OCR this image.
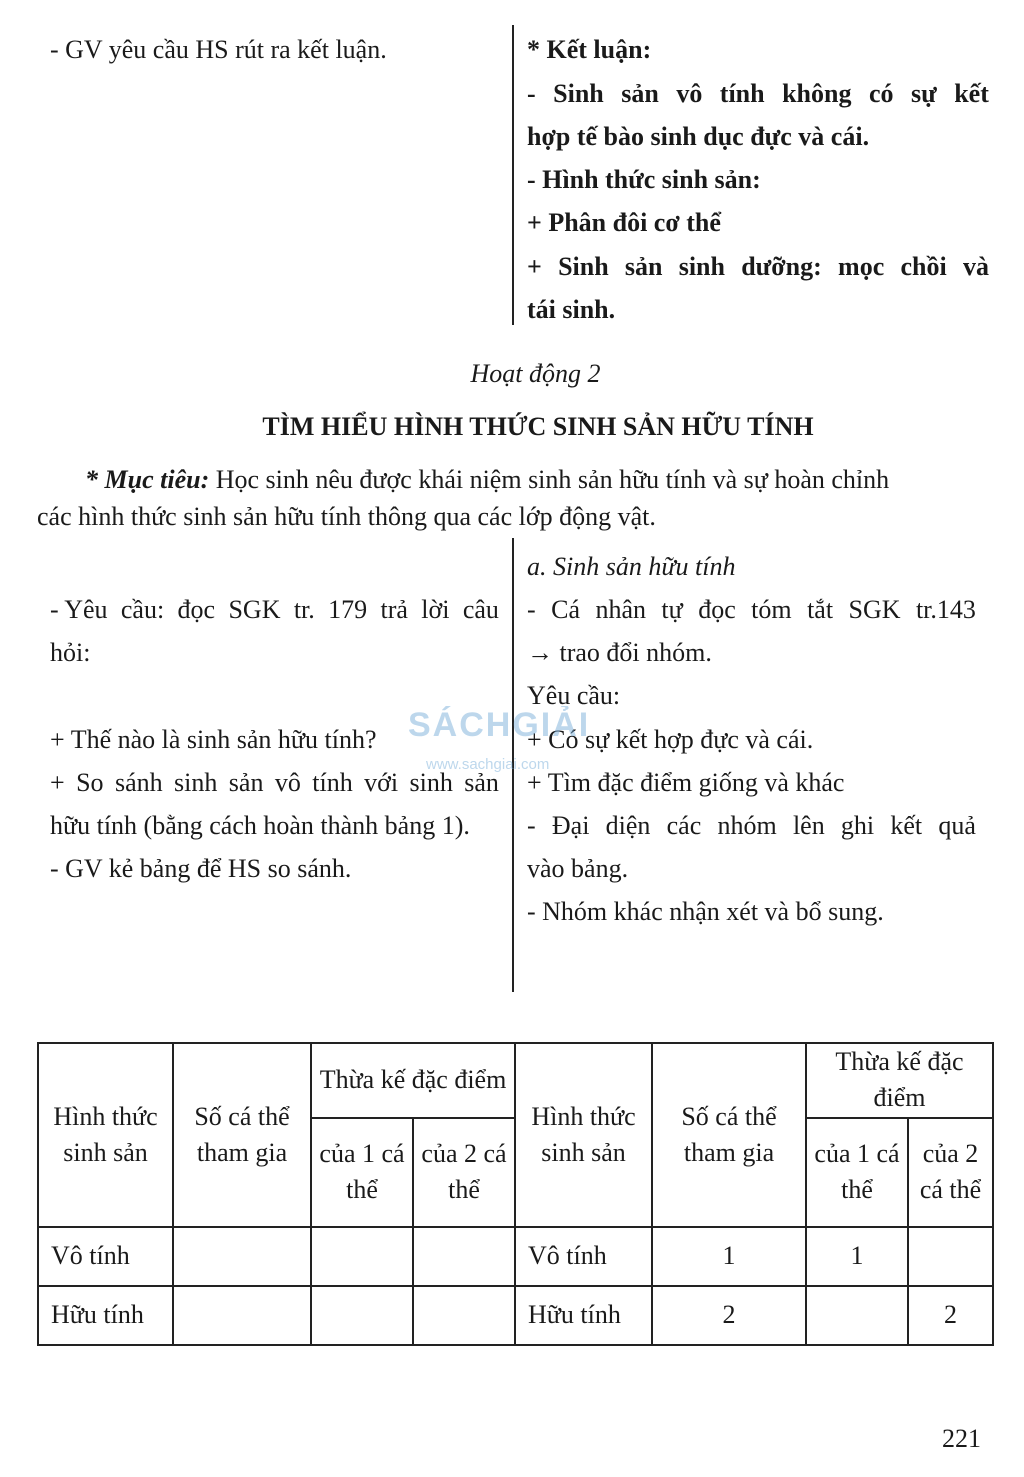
- GV yêu cầu HS rút ra kết luận.	* Kết luận:
- Sinh sản vô tính không có sự kết
hợp tế bào sinh dục đực và cái.
- Hình thức sinh sản:
+ Phân đôi cơ thể
+ Sinh sản sinh dưỡng: mọc chồi và
tái sinh.
Hoạt động 2
TÌM HIỂU HÌNH THỨC SINH SẢN HỮU TÍNH
* Mục tiêu: Học sinh nêu được khái niệm sinh sản hữu tính và sự hoàn chỉnh
các hình thức sinh sản hữu tính thông qua các lớp động vật.
- Yêu cầu: đọc SGK tr. 179 trả lời câu
hỏi:
+ Thế nào là sinh sản hữu tính?
+ So sánh sinh sản vô tính với sinh sản
hữu tính (bằng cách hoàn thành bảng 1).
- GV kẻ bảng để HS so sánh.
a. Sinh sản hữu tính
- Cá nhân tự đọc tóm tắt SGK tr.143
→ trao đổi nhóm.
Yêu cầu:
+ Có sự kết hợp đực và cái.
+ Tìm đặc điểm giống và khác
- Đại diện các nhóm lên ghi kết quả
vào bảng.
- Nhóm khác nhận xét và bổ sung.
SÁCHGIẢI
www.sachgiai.com
Hình thức sinh sản	Số cá thể tham gia	Thừa kế đặc điểm		Hình thức sinh sản	Số cá thể tham gia	Thừa kế đặc điểm	
		của 1 cá thể	của 2 cá thể			của 1 cá thể	của 2 cá thể
Vô tính				Vô tính	1	1	
Hữu tính				Hữu tính	2		2
221
